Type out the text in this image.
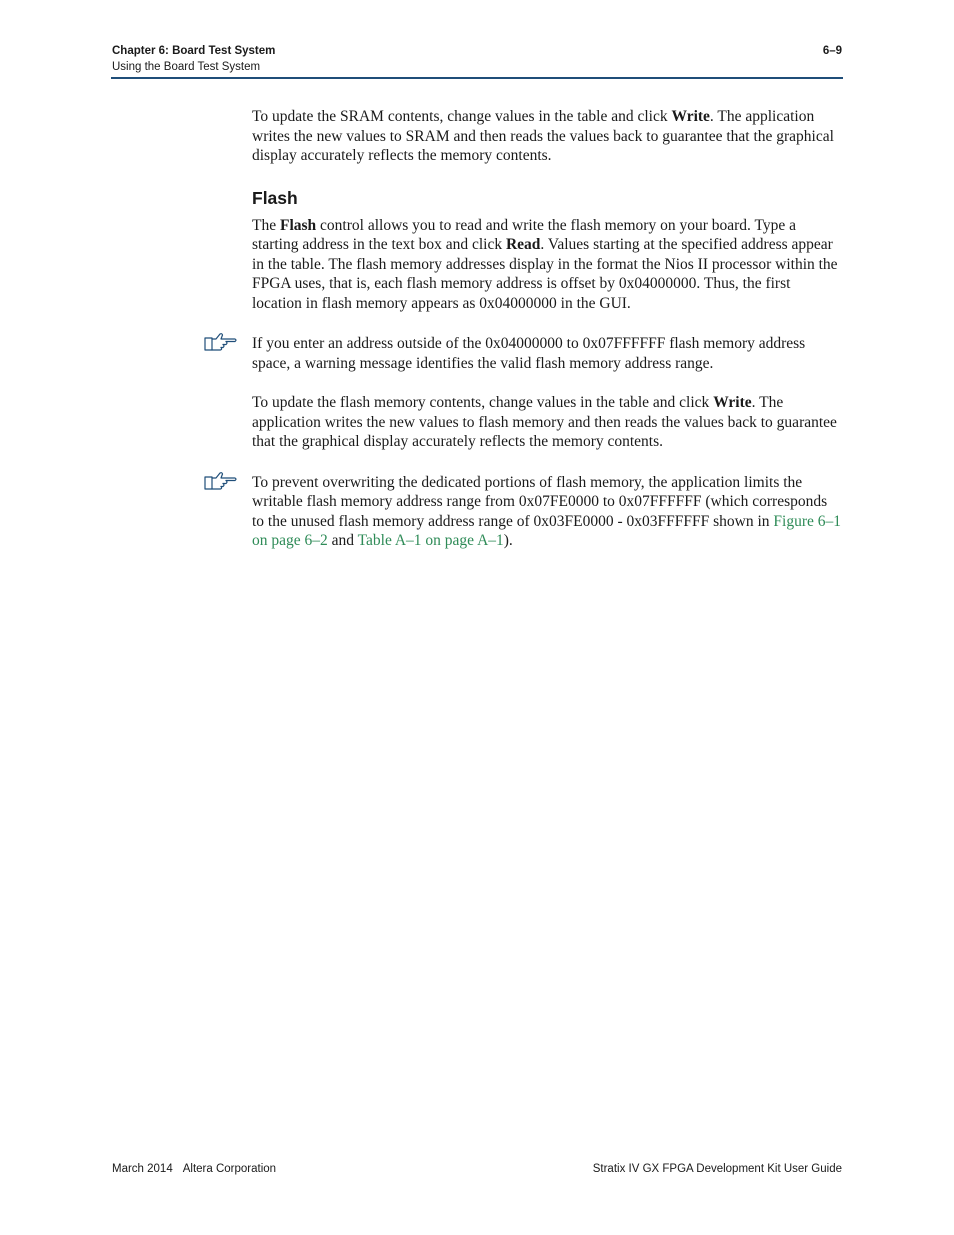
Chapter 6: Board Test System
Using the Board Test System
6–9

To update the SRAM contents, change values in the table and click Write. The application writes the new values to SRAM and then reads the values back to guarantee that the graphical display accurately reflects the memory contents.

Flash

The Flash control allows you to read and write the flash memory on your board. Type a starting address in the text box and click Read. Values starting at the specified address appear in the table. The flash memory addresses display in the format the Nios II processor within the FPGA uses, that is, each flash memory address is offset by 0x04000000. Thus, the first location in flash memory appears as 0x04000000 in the GUI.

If you enter an address outside of the 0x04000000 to 0x07FFFFFF flash memory address space, a warning message identifies the valid flash memory address range.

To update the flash memory contents, change values in the table and click Write. The application writes the new values to flash memory and then reads the values back to guarantee that the graphical display accurately reflects the memory contents.

To prevent overwriting the dedicated portions of flash memory, the application limits the writable flash memory address range from 0x07FE0000 to 0x07FFFFFF (which corresponds to the unused flash memory address range of 0x03FE0000 - 0x03FFFFFF shown in Figure 6–1 on page 6–2 and Table A–1 on page A–1).

March 2014 Altera Corporation	Stratix IV GX FPGA Development Kit User Guide
